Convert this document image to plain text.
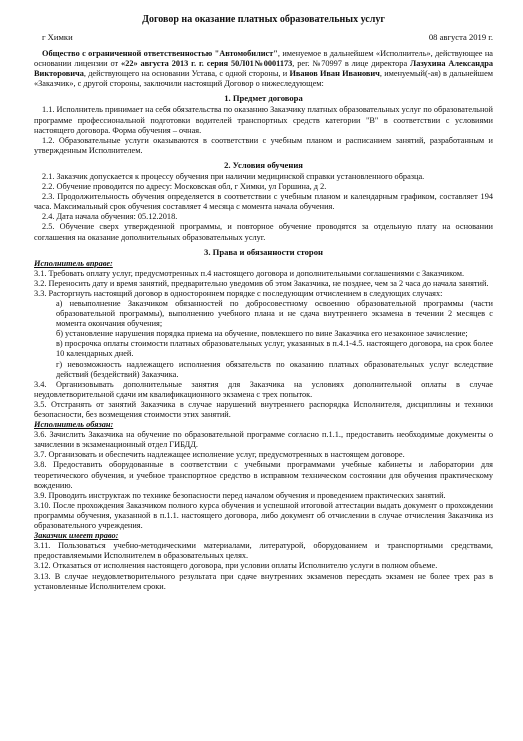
Договор на оказание платных образовательных услуг
г Химки	08 августа 2019 г.

Общество с ограниченной ответственностью "Автомобилист", именуемое в дальнейшем «Исполнитель», действующее на основании лицензии от «22» августа 2013 г. г. серия 50Л01№0001173, рег. №70997 в лице директора Лазухина Александра Викторовича, действующего на основании Устава, с одной стороны, и Иванов Иван Иванович, именуемый(-ая) в дальнейшем «Заказчик», с другой стороны, заключили настоящий Договор о нижеследующем:

1. Предмет договора

1.1. Исполнитель принимает на себя обязательства по оказанию Заказчику платных образовательных услуг по образовательной программе профессиональной подготовки водителей транспортных средств категории "В" в соответствии с условиями настоящего договора. Форма обучения – очная.

1.2. Образовательные услуги оказываются в соответствии с учебным планом и расписанием занятий, разработанным и утвержденным Исполнителем.

2. Условия обучения

2.1. Заказчик допускается к процессу обучения при наличии медицинской справки установленного образца.

2.2. Обучение проводится по адресу: Московская обл, г Химки, ул Горшина, д 2.

2.3. Продолжительность обучения определяется в соответствии с учебным планом и календарным графиком, составляет 194 часа. Максимальный срок обучения составляет 4 месяца с момента начала обучения.

2.4. Дата начала обучения: 05.12.2018.

2.5. Обучение сверх утвержденной программы, и повторное обучение проводятся за отдельную плату на основании соглашения на оказание дополнительных образовательных услуг.

3. Права и обязанности сторон

Исполнитель вправе:

3.1. Требовать оплату услуг, предусмотренных п.4 настоящего договора и дополнительными соглашениями с Заказчиком.

3.2. Переносить дату и время занятий, предварительно уведомив об этом Заказчика, не позднее, чем за 2 часа до начала занятий.

3.3. Расторгнуть настоящий договор в одностороннем порядке с последующим отчислением в следующих случаях:

а) невыполнение Заказчиком обязанностей по добросовестному освоению образовательной программы (части образовательной программы), выполнению учебного плана и не сдача внутреннего экзамена в течении 2 месяцев с момента окончания обучения;

б) установление нарушения порядка приема на обучение, повлекшего по вине Заказчика его незаконное зачисление;

в) просрочка оплаты стоимости платных образовательных услуг, указанных в п.4.1-4.5. настоящего договора, на срок более 10 календарных дней.

г) невозможность надлежащего исполнения обязательств по оказанию платных образовательных услуг вследствие действий (бездействий) Заказчика.

3.4. Организовывать дополнительные занятия для Заказчика на условиях дополнительной оплаты в случае неудовлетворительной сдачи им квалификационного экзамена с трех попыток.

3.5. Отстранять от занятий Заказчика в случае нарушений внутреннего распорядка Исполнителя, дисциплины и техники безопасности, без возмещения стоимости этих занятий.

Исполнитель обязан:

3.6. Зачислить Заказчика на обучение по образовательной программе согласно п.1.1., предоставить необходимые документы о зачислении в экзаменационный отдел ГИБДД.

3.7. Организовать и обеспечить надлежащее исполнение услуг, предусмотренных в настоящем договоре.

3.8. Предоставить оборудованные в соответствии с учебными программами учебные кабинеты и лаборатории для теоретического обучения, и учебное транспортное средство в исправном техническом состоянии для обучения практическому вождению.

3.9. Проводить инструктаж по технике безопасности перед началом обучения и проведением практических занятий.

3.10. После прохождения Заказчиком полного курса обучения и успешной итоговой аттестации выдать документ о прохождении программы обучения, указанной в п.1.1. настоящего договора, либо документ об отчислении в случае отчисления Заказчика из образовательного учреждения.

Заказчик имеет право:

3.11. Пользоваться учебно-методическими материалами, литературой, оборудованием и транспортными средствами, предоставляемыми Исполнителем в образовательных целях.

3.12. Отказаться от исполнения настоящего договора, при условии оплаты Исполнителю услуги в полном объеме.

3.13. В случае неудовлетворительного результата при сдаче внутренних экзаменов пересдать экзамен не более трех раз в установленные Исполнителем сроки.
